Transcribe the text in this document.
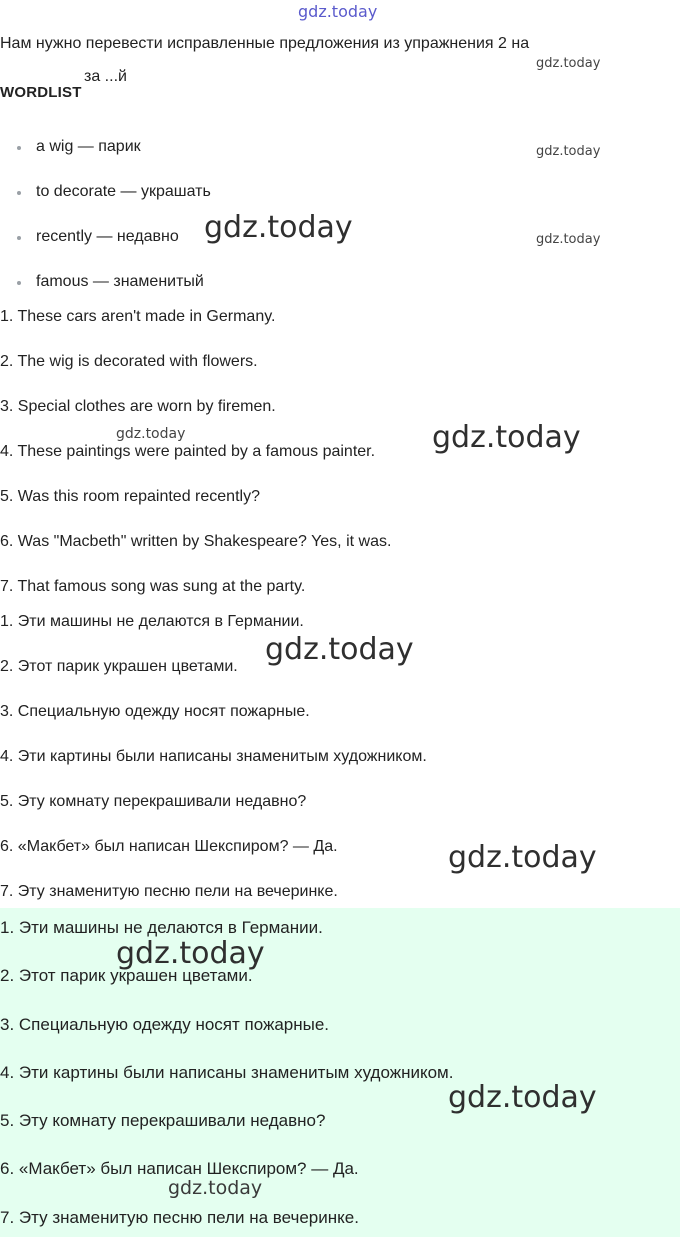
Нам нужно перевести исправленные предложения из упражнения 2 на
за ...й
WORDLIST
a wig — парик
to decorate — украшать
recently — недавно
famous — знаменитый
1. These cars aren't made in Germany.
2. The wig is decorated with flowers.
3. Special clothes are worn by firemen.
4. These paintings were painted by a famous painter.
5. Was this room repainted recently?
6. Was "Macbeth" written by Shakespeare? Yes, it was.
7. That famous song was sung at the party.
1. Эти машины не делаются в Германии.
2. Этот парик украшен цветами.
3. Специальную одежду носят пожарные.
4. Эти картины были написаны знаменитым художником.
5. Эту комнату перекрашивали недавно?
6. «Макбет» был написан Шекспиром? — Да.
7. Эту знаменитую песню пели на вечеринке.
1. Эти машины не делаются в Германии.
2. Этот парик украшен цветами.
3. Специальную одежду носят пожарные.
4. Эти картины были написаны знаменитым художником.
5. Эту комнату перекрашивали недавно?
6. «Макбет» был написан Шекспиром? — Да.
7. Эту знаменитую песню пели на вечеринке.
gdz.today
gdz.today
gdz.today
gdz.today
gdz.today
gdz.today	gdz.today
gdz.today
gdz.today
gdz.today
gdz.today
gdz.today
